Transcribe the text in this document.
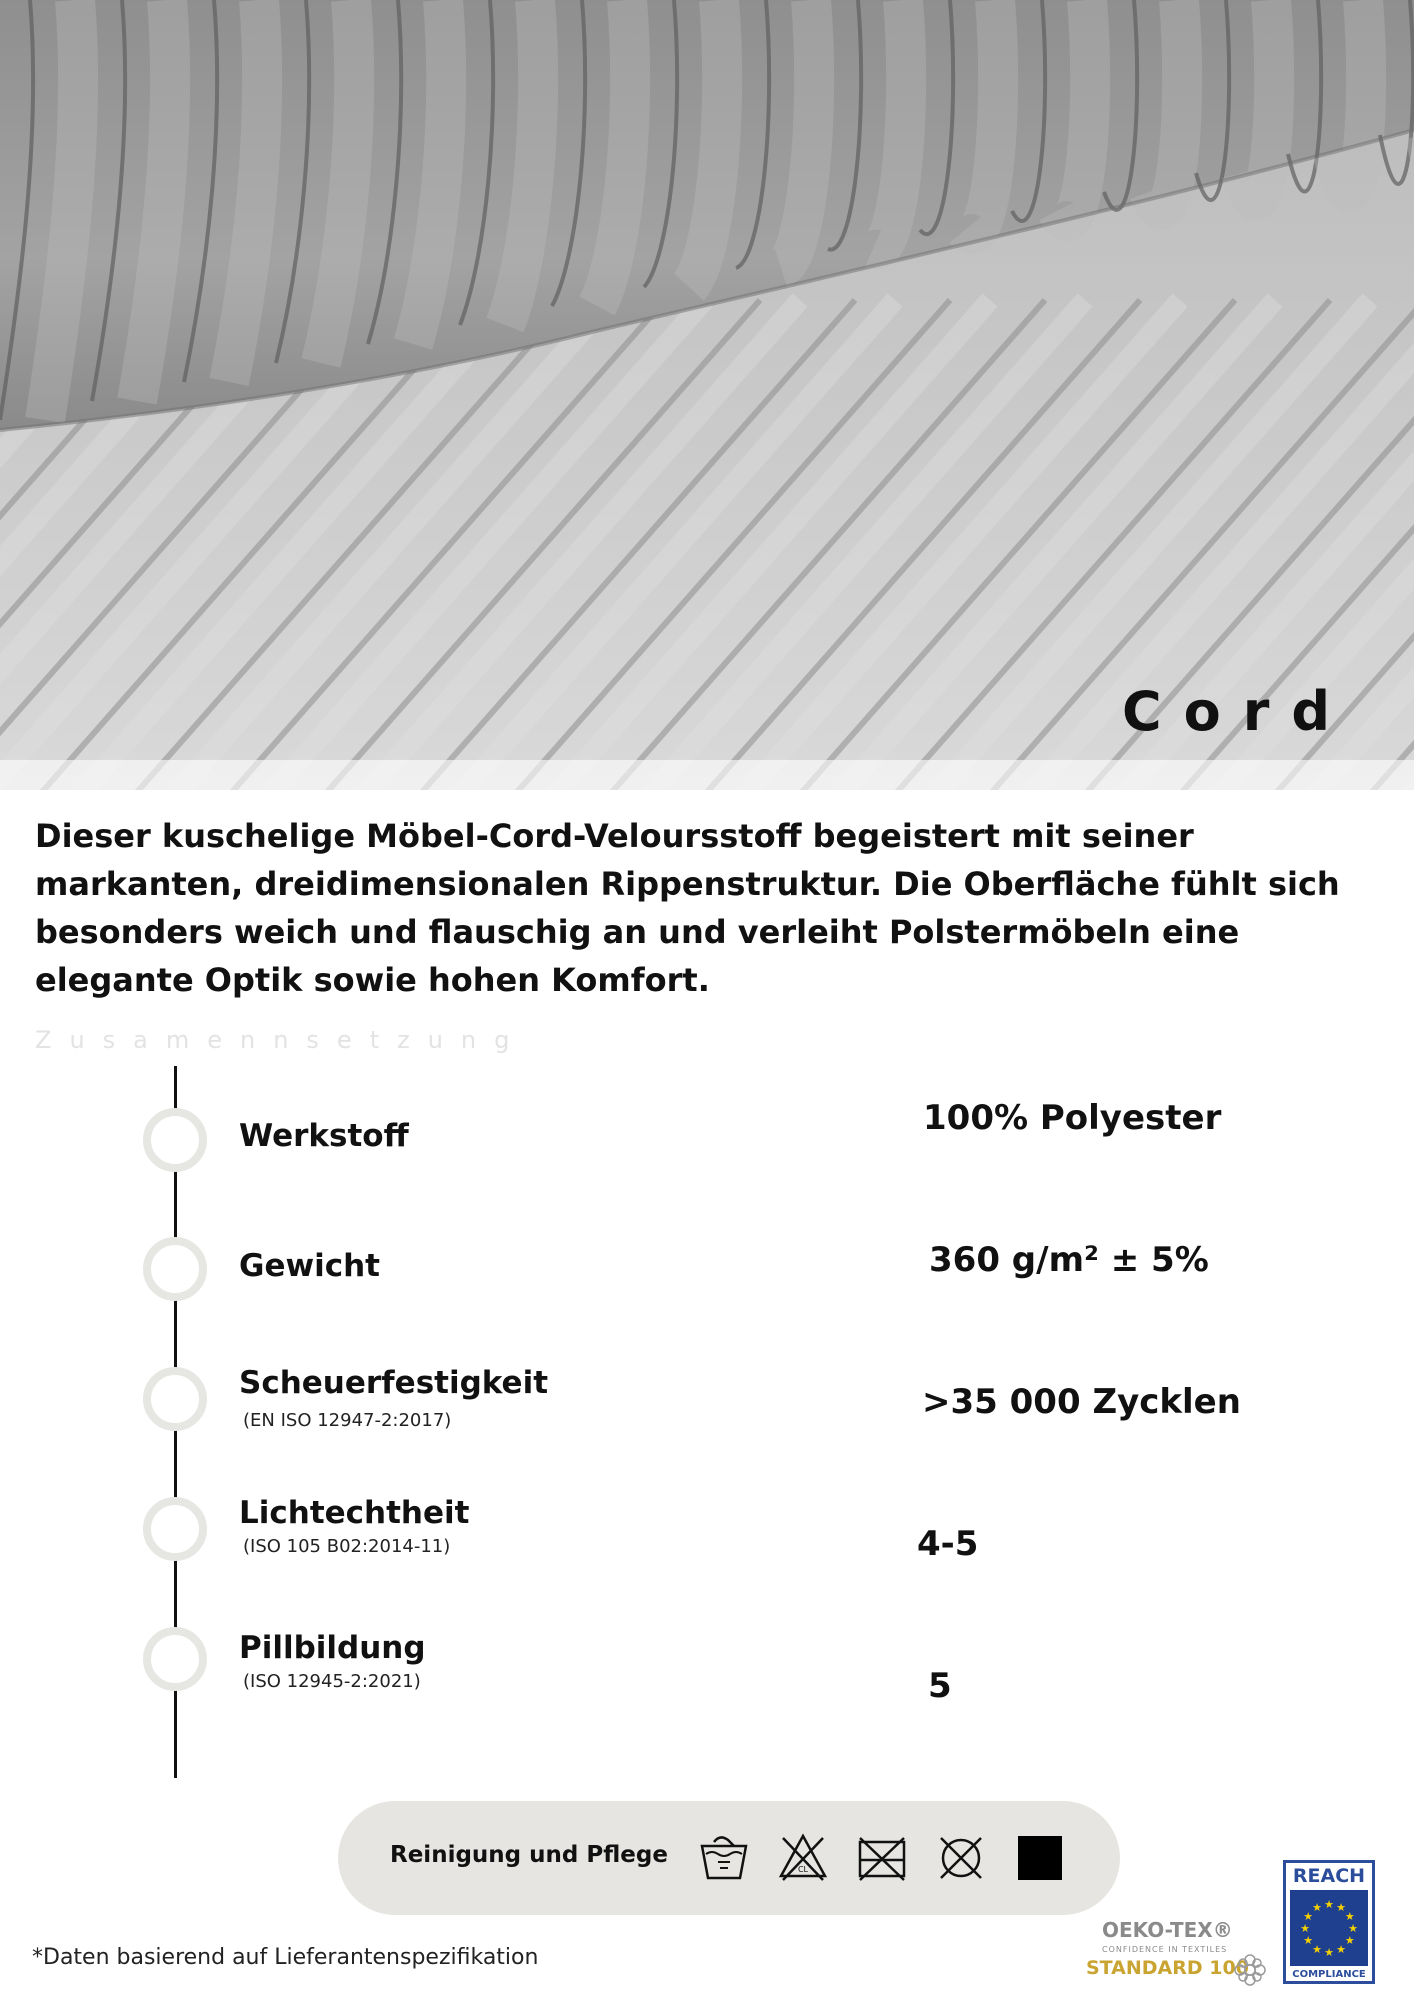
Cord

Dieser kuschelige Möbel-Cord-Veloursstoff begeistert mit seiner markanten, dreidimensionalen Rippenstruktur. Die Oberfläche fühlt sich besonders weich und flauschig an und verleiht Polstermöbeln eine elegante Optik sowie hohen Komfort.

Zusamennsetzung
Werkstoff	100% Polyester
Gewicht	360 g/m² ± 5%
Scheuerfestigkeit
(EN ISO 12947-2:2017)	>35 000 Zycklen
Lichtechtheit
(ISO 105 B02:2014-11)	4-5
Pillbildung
(ISO 12945-2:2021)	5
Reinigung und Pflege
CL
*Daten basierend auf Lieferantenspezifikation
OEKO-TEX®
CONFIDENCE IN TEXTILES
STANDARD 100
REACH
★
★
★
★
★
★
★
★
★ ★ ★
★
COMPLIANCE
